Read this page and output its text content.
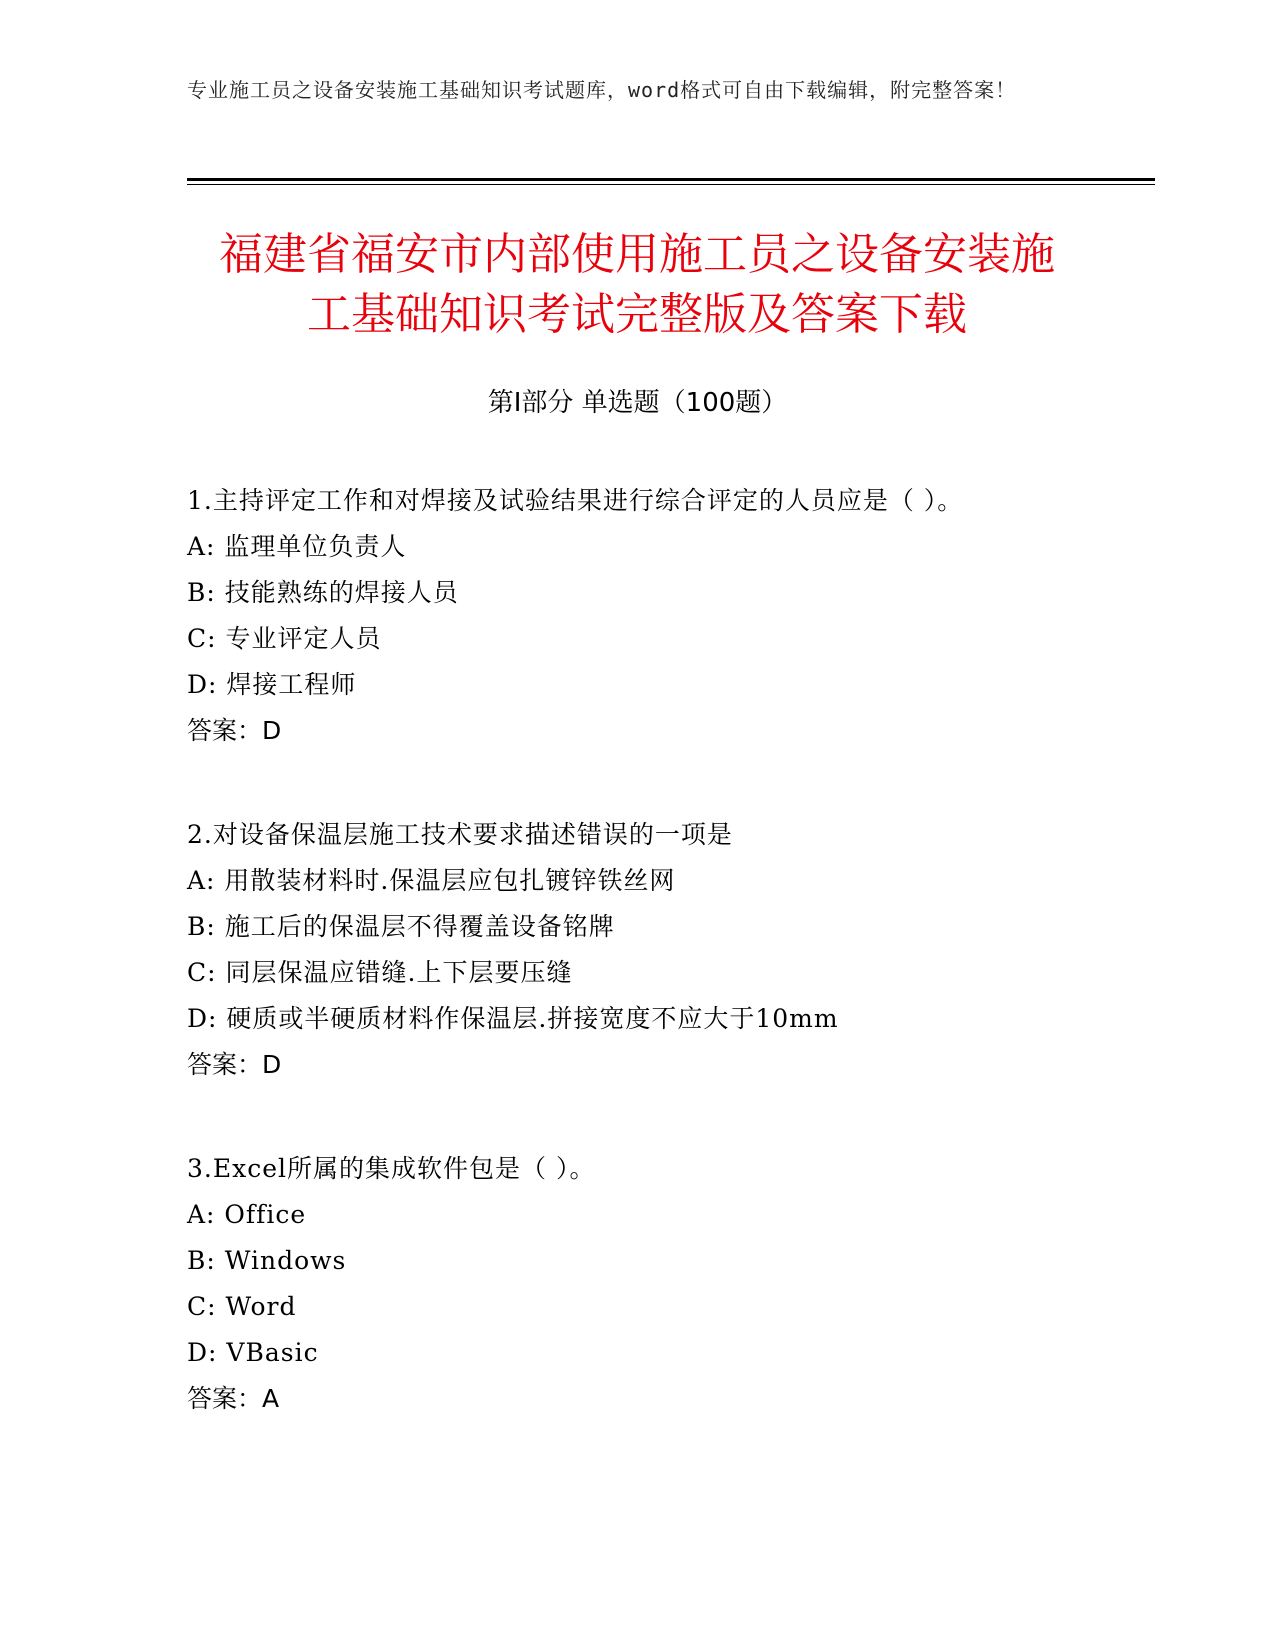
专业施工员之设备安装施工基础知识考试题库，word格式可自由下载编辑，附完整答案！
福建省福安市内部使用施工员之设备安装施
工基础知识考试完整版及答案下载
第Ⅰ部分 单选题（100题）
1.主持评定工作和对焊接及试验结果进行综合评定的人员应是（ ）。
A: 监理单位负责人
B: 技能熟练的焊接人员
C: 专业评定人员
D: 焊接工程师
答案：D
2.对设备保温层施工技术要求描述错误的一项是
A: 用散装材料时.保温层应包扎镀锌铁丝网
B: 施工后的保温层不得覆盖设备铭牌
C: 同层保温应错缝.上下层要压缝
D: 硬质或半硬质材料作保温层.拼接宽度不应大于10mm
答案：D
3.Excel所属的集成软件包是（ ）。
A: Office
B: Windows
C: Word
D: VBasic
答案：A
